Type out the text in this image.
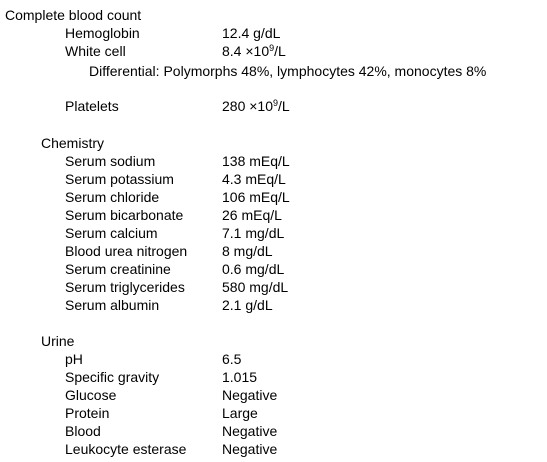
Complete blood count
Hemoglobin	12.4 g/dL
White cell	$8.4 \times 10^9/L$
Differential: Polymorphs 48%, lymphocytes 42%, monocytes 8%
Platelets	$280 \times 10^9/L$
Chemistry
Serum sodium	138 mEq/L
Serum potassium	4.3 mEq/L
Serum chloride	106 mEq/L
Serum bicarbonate	26 mEq/L
Serum calcium	7.1 mg/dL
Blood urea nitrogen 8 mg/dL
Serum creatinine	0.6 mg/dL
Serum triglycerides	580 mg/dL
Serum albumin	2.1 g/dL
Urine
pH	6.5
Specific gravity	1.015
Glucose	Negative
Protein	Large
Blood	Negative
Leukocyte esterase	Negative
